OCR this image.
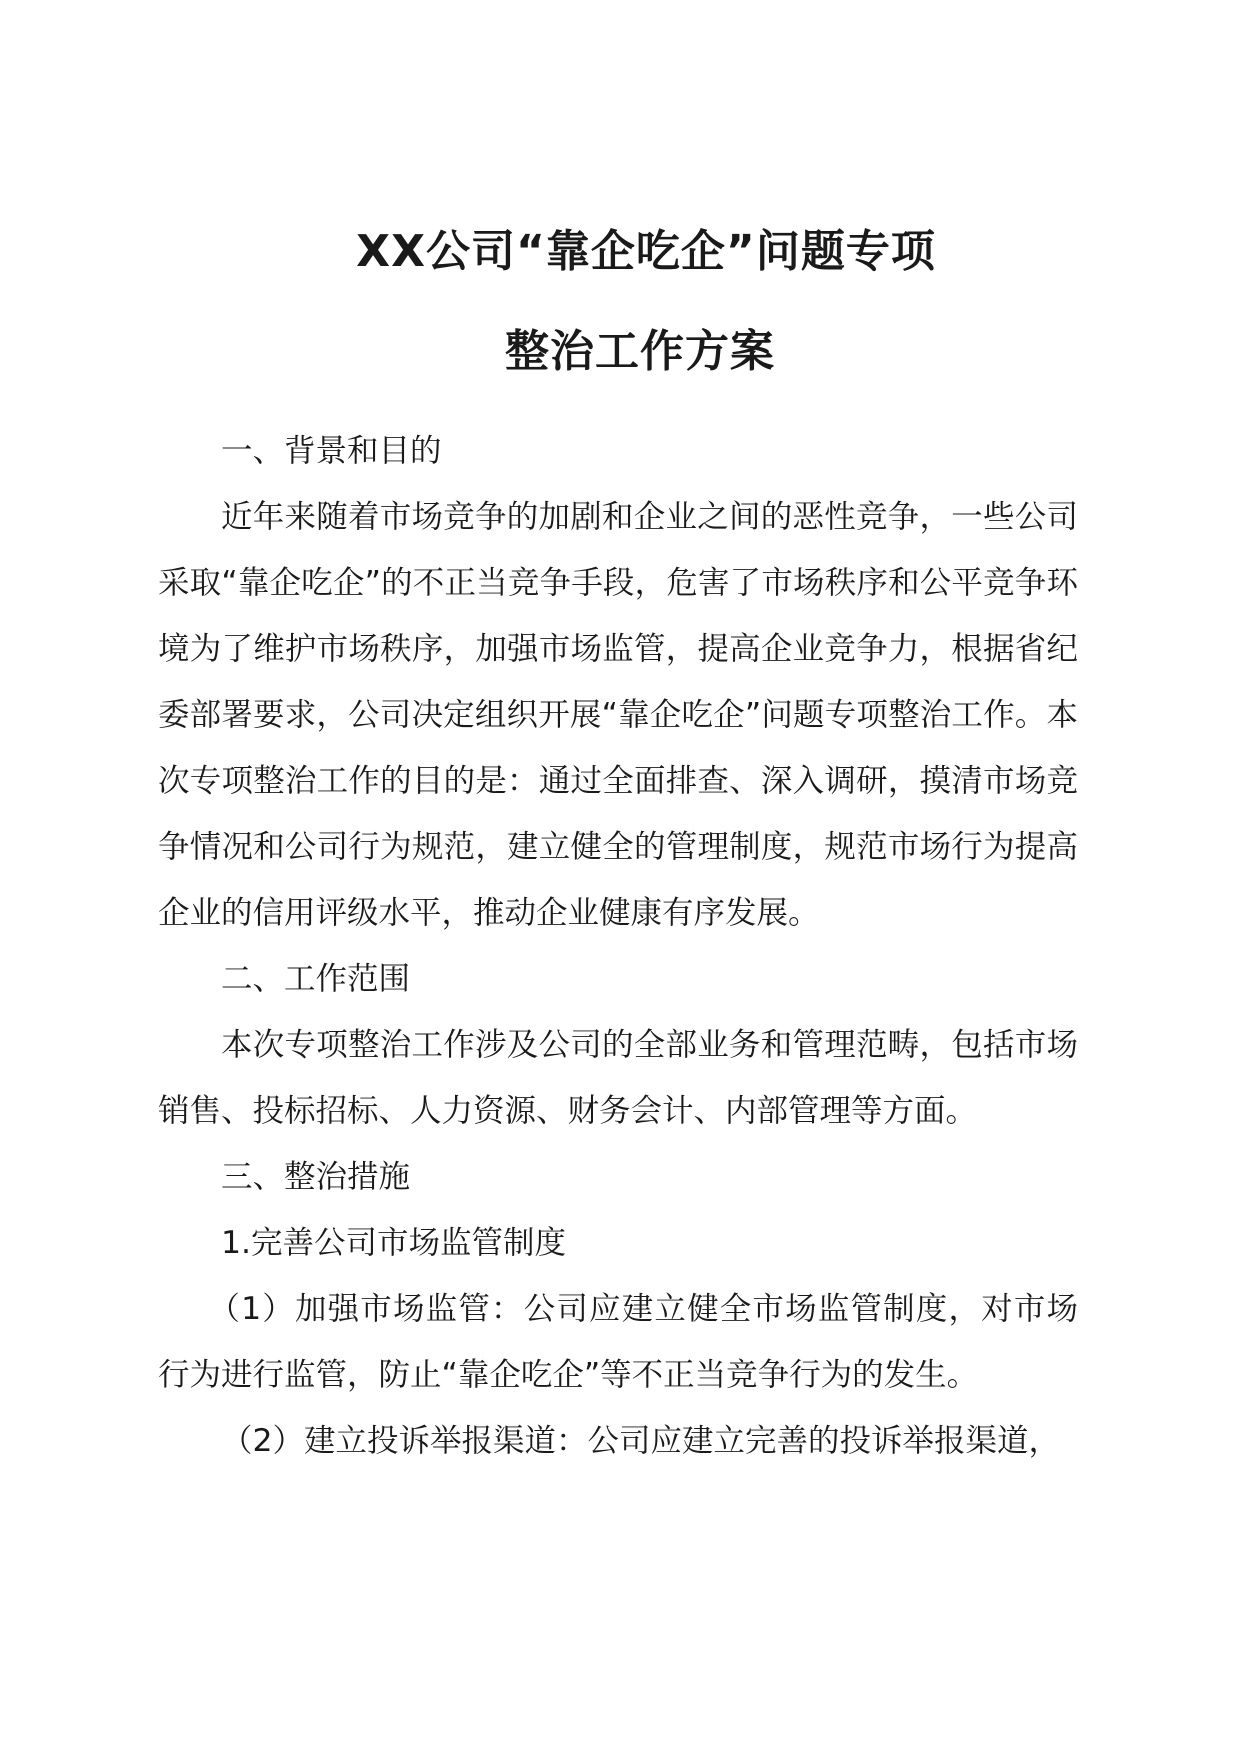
XX公司“靠企吃企”问题专项
整治工作方案

一、背景和目的

近年来随着市场竞争的加剧和企业之间的恶性竞争，一些公司采取“靠企吃企”的不正当竞争手段，危害了市场秩序和公平竞争环境为了维护市场秩序，加强市场监管，提高企业竞争力，根据省纪委部署要求，公司决定组织开展“靠企吃企”问题专项整治工作。本次专项整治工作的目的是：通过全面排查、深入调研，摸清市场竞争情况和公司行为规范，建立健全的管理制度，规范市场行为提高企业的信用评级水平，推动企业健康有序发展。

二、工作范围

本次专项整治工作涉及公司的全部业务和管理范畴，包括市场销售、投标招标、人力资源、财务会计、内部管理等方面。

三、整治措施

1.完善公司市场监管制度

（1）加强市场监管：公司应建立健全市场监管制度，对市场行为进行监管，防止“靠企吃企”等不正当竞争行为的发生。

（2）建立投诉举报渠道：公司应建立完善的投诉举报渠道，
